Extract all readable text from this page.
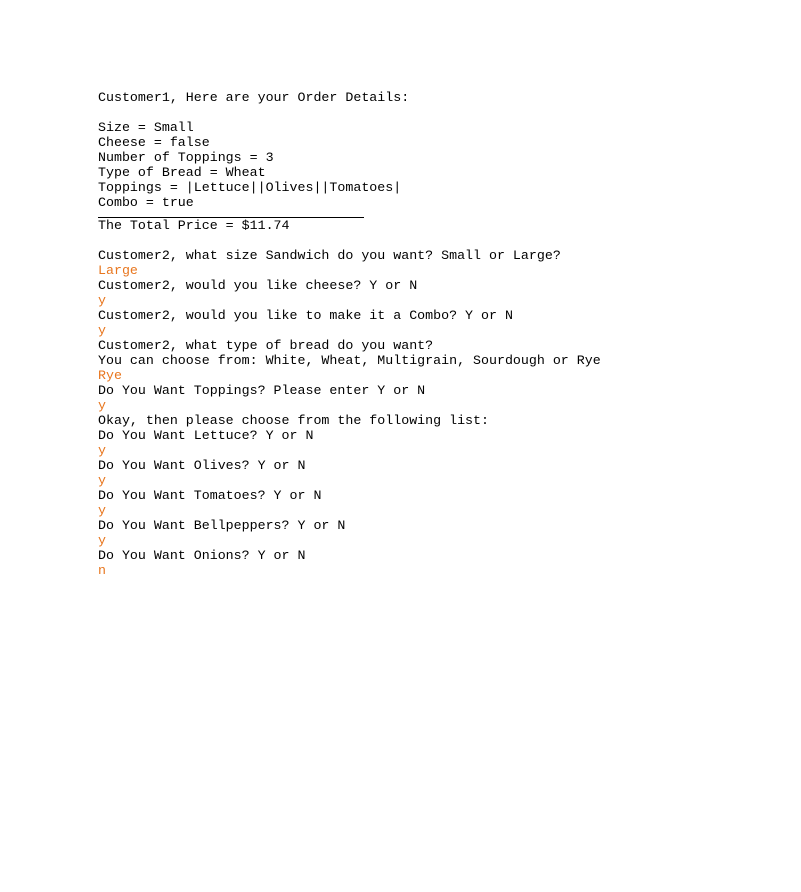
Customer1, Here are your Order Details:
Size = Small
Cheese = false
Number of Toppings = 3
Type of Bread = Wheat
Toppings = |Lettuce||Olives||Tomatoes|
Combo = true
The Total Price = $11.74
Customer2, what size Sandwich do you want? Small or Large?
Large
Customer2, would you like cheese? Y or N
y
Customer2, would you like to make it a Combo? Y or N
y
Customer2, what type of bread do you want?
You can choose from: White, Wheat, Multigrain, Sourdough or Rye
Rye
Do You Want Toppings? Please enter Y or N
y
Okay, then please choose from the following list:
Do You Want Lettuce? Y or N
y
Do You Want Olives? Y or N
y
Do You Want Tomatoes? Y or N
y
Do You Want Bellpeppers? Y or N
y
Do You Want Onions? Y or N
n
